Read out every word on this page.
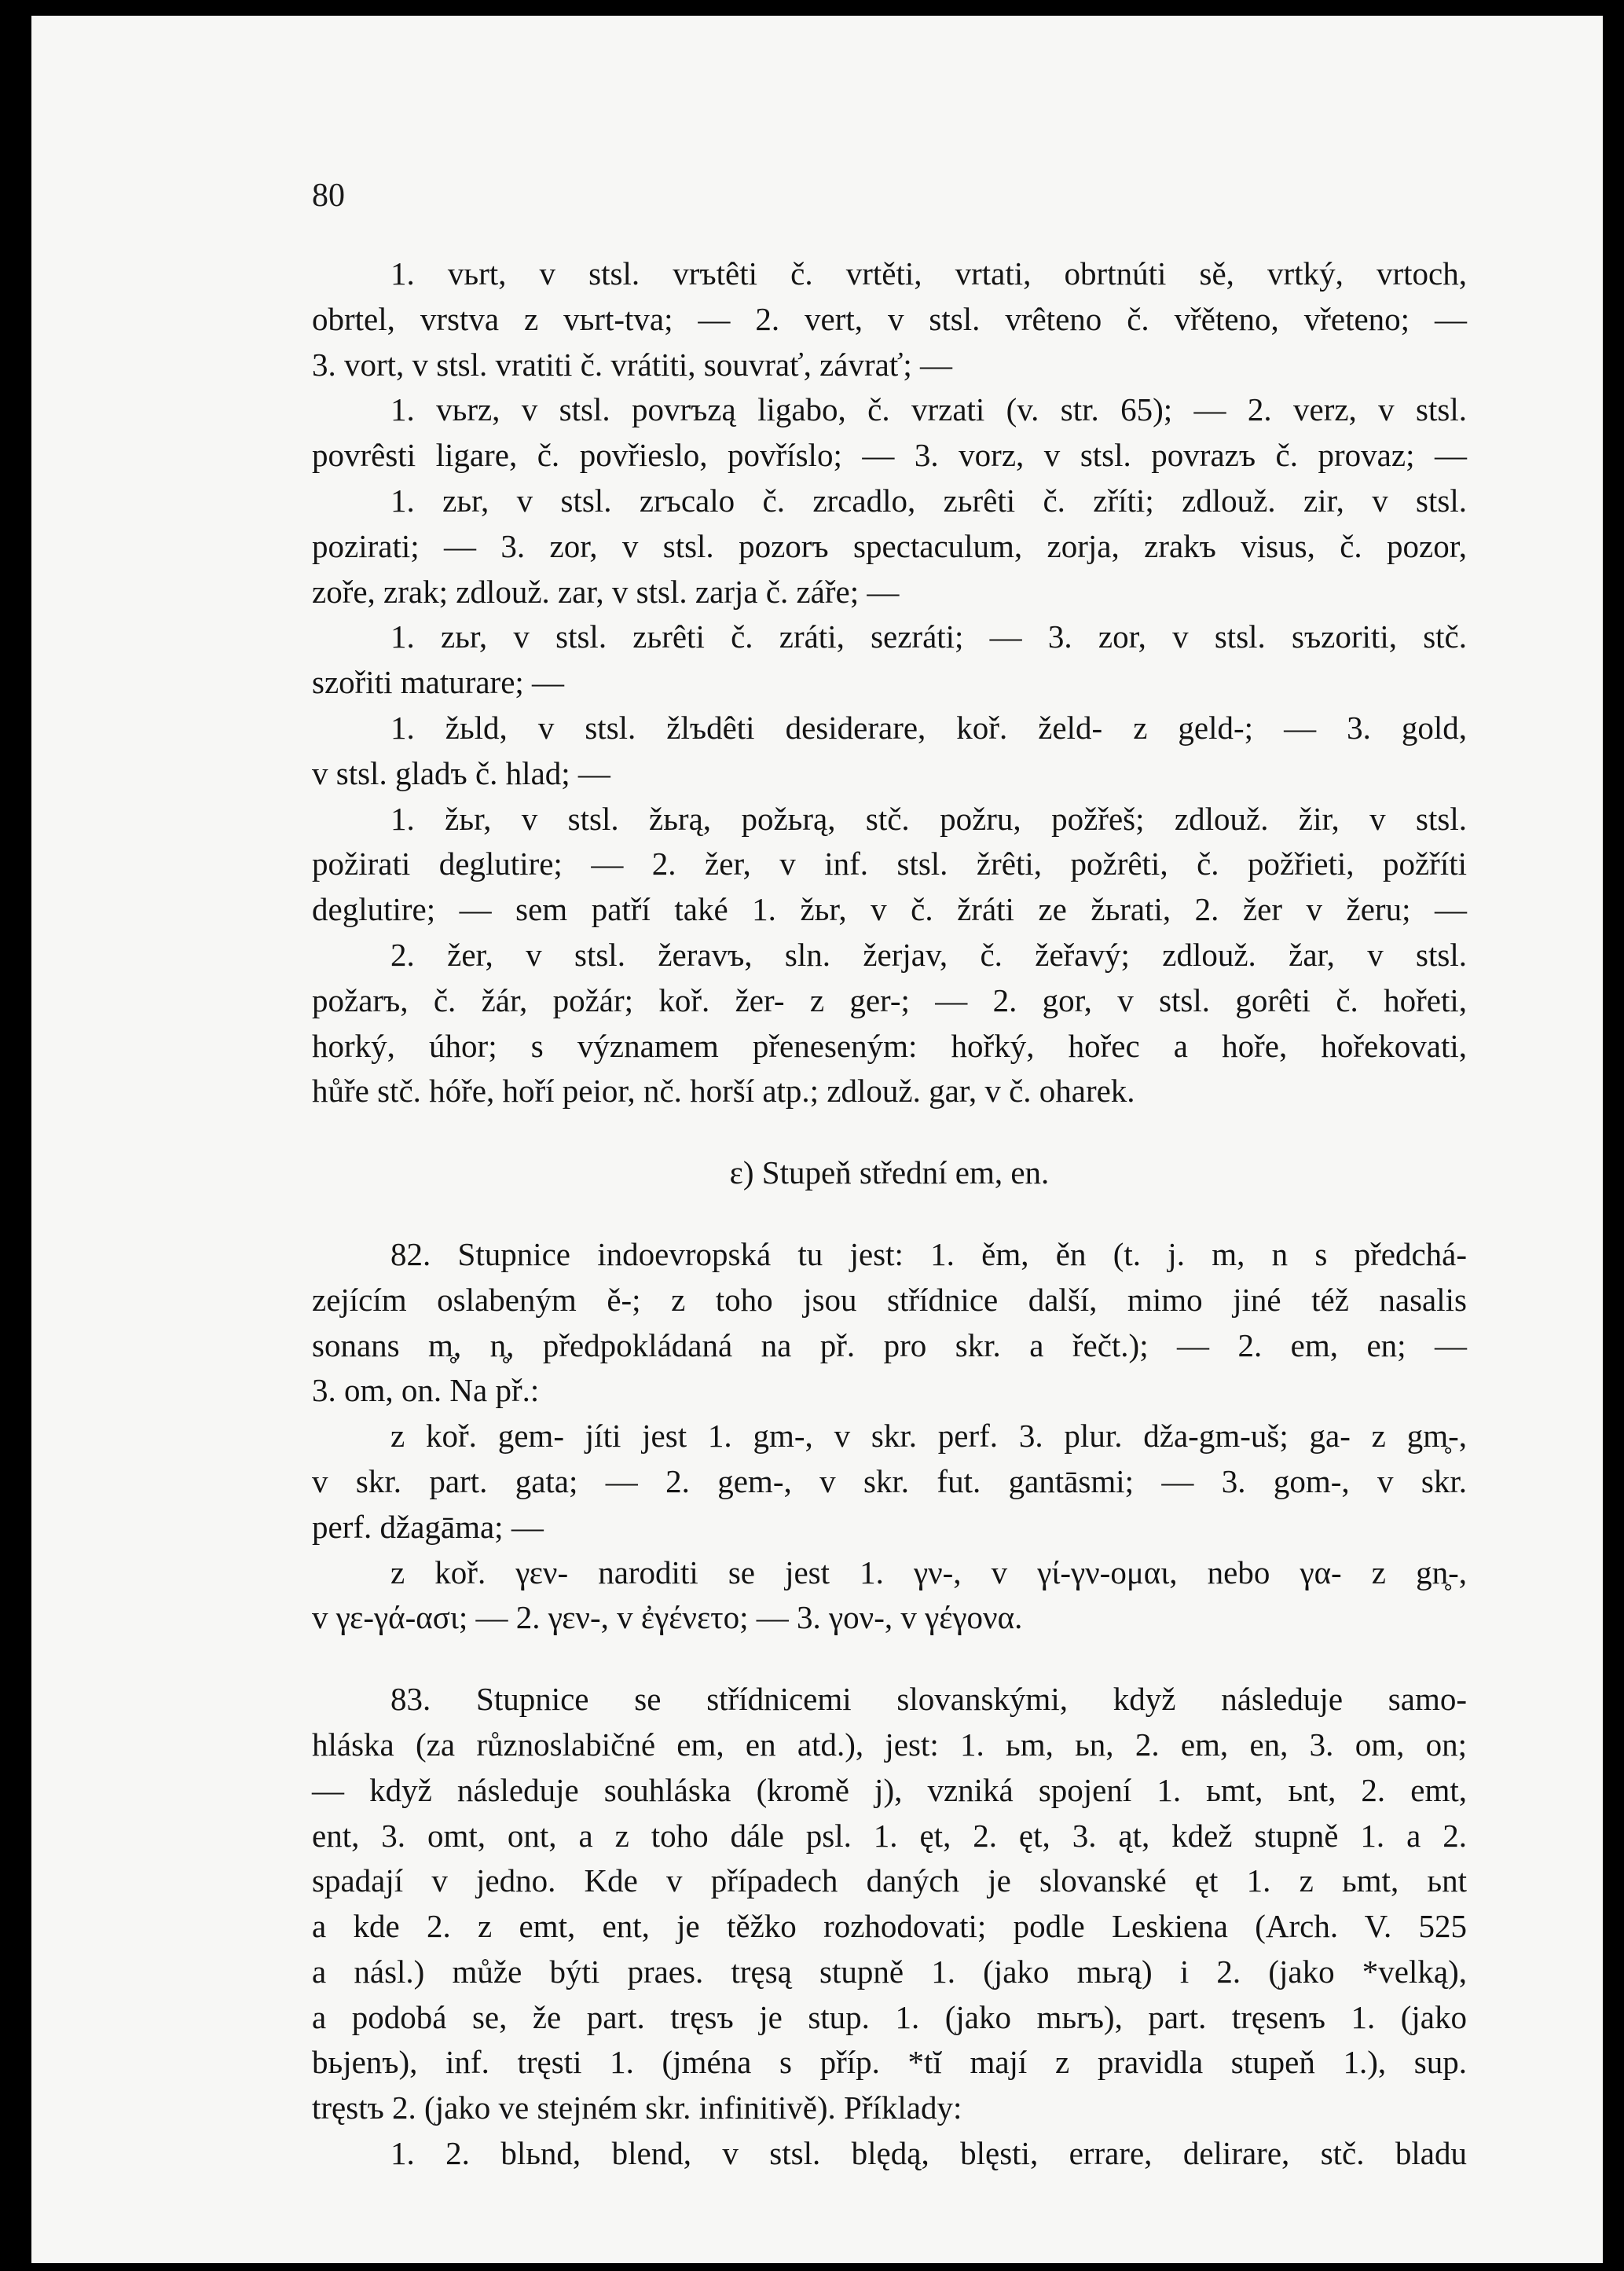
80
1. vьrt, v stsl. vrъtêti č. vrtěti, vrtati, obrtnúti sě, vrtký, vrtoch,
obrtel, vrstva z vьrt-tva; — 2. vert, v stsl. vrêteno č. vřěteno, vřeteno; —
3. vort, v stsl. vratiti č. vrátiti, souvrať, závrať; —
1. vьrz, v stsl. povrъzą ligabo, č. vrzati (v. str. 65); — 2. verz, v stsl.
povrêsti ligare, č. povřieslo, povříslo; — 3. vorz, v stsl. povrazъ č. provaz; —
1. zьr, v stsl. zrъcalo č. zrcadlo, zьrêti č. zříti; zdlouž. zir, v stsl.
pozirati; — 3. zor, v stsl. pozorъ spectaculum, zorja, zrakъ visus, č. pozor,
zoře, zrak; zdlouž. zar, v stsl. zarja č. záře; —
1. zьr, v stsl. zьrêti č. zráti, sezráti; — 3. zor, v stsl. sъzoriti, stč.
szořiti maturare; —
1. žьld, v stsl. žlъdêti desiderare, koř. želd- z geld-; — 3. gold,
v stsl. gladъ č. hlad; —
1. žьr, v stsl. žьrą, požьrą, stč. požru, požřeš; zdlouž. žir, v stsl.
požirati deglutire; — 2. žer, v inf. stsl. žrêti, požrêti, č. požřieti, požříti
deglutire; — sem patří také 1. žьr, v č. žráti ze žьrati, 2. žer v žeru; —
2. žer, v stsl. žeravъ, sln. žerjav, č. žeřavý; zdlouž. žar, v stsl.
požarъ, č. žár, požár; koř. žer- z ger-; — 2. gor, v stsl. gorêti č. hořeti,
horký, úhor; s významem přeneseným: hořký, hořec a hoře, hořekovati,
hůře stč. hóře, hoří peior, nč. horší atp.; zdlouž. gar, v č. oharek.
ε) Stupeň střední em, en.
82. Stupnice indoevropská tu jest: 1. ěm, ěn (t. j. m, n s předchá-
zejícím oslabeným ě-; z toho jsou střídnice další, mimo jiné též nasalis
sonans m̥, n̥, předpokládaná na př. pro skr. a řečt.); — 2. em, en; —
3. om, on. Na př.:
z koř. gem- jíti jest 1. gm-, v skr. perf. 3. plur. dža-gm-uš; ga- z gm̥-,
v skr. part. gata; — 2. gem-, v skr. fut. gantāsmi; — 3. gom-, v skr.
perf. džagāma; —
z koř. γεν- naroditi se jest 1. γν-, v γί-γν-ομαι, nebo γα- z gn̥-,
v γε-γά-ασι; — 2. γεν-, v ἐγένετο; — 3. γον-, v γέγονα.
83. Stupnice se střídnicemi slovanskými, když následuje samo-
hláska (za různoslabičné em, en atd.), jest: 1. ьm, ьn, 2. em, en, 3. om, on;
— když následuje souhláska (kromě j), vzniká spojení 1. ьmt, ьnt, 2. emt,
ent, 3. omt, ont, a z toho dále psl. 1. ęt, 2. ęt, 3. ąt, kdež stupně 1. a 2.
spadají v jedno. Kde v případech daných je slovanské ęt 1. z ьmt, ьnt
a kde 2. z emt, ent, je těžko rozhodovati; podle Leskiena (Arch. V. 525
a násl.) může býti praes. tręsą stupně 1. (jako mьrą) i 2. (jako *velką),
a podobá se, že part. tręsъ je stup. 1. (jako mьrъ), part. tręsenъ 1. (jako
bьjenъ), inf. tręsti 1. (jména s příp. *tĭ mají z pravidla stupeň 1.), sup.
tręstъ 2. (jako ve stejném skr. infinitivě). Příklady:
1. 2. blьnd, blend, v stsl. blędą, blęsti, errare, delirare, stč. bladu
